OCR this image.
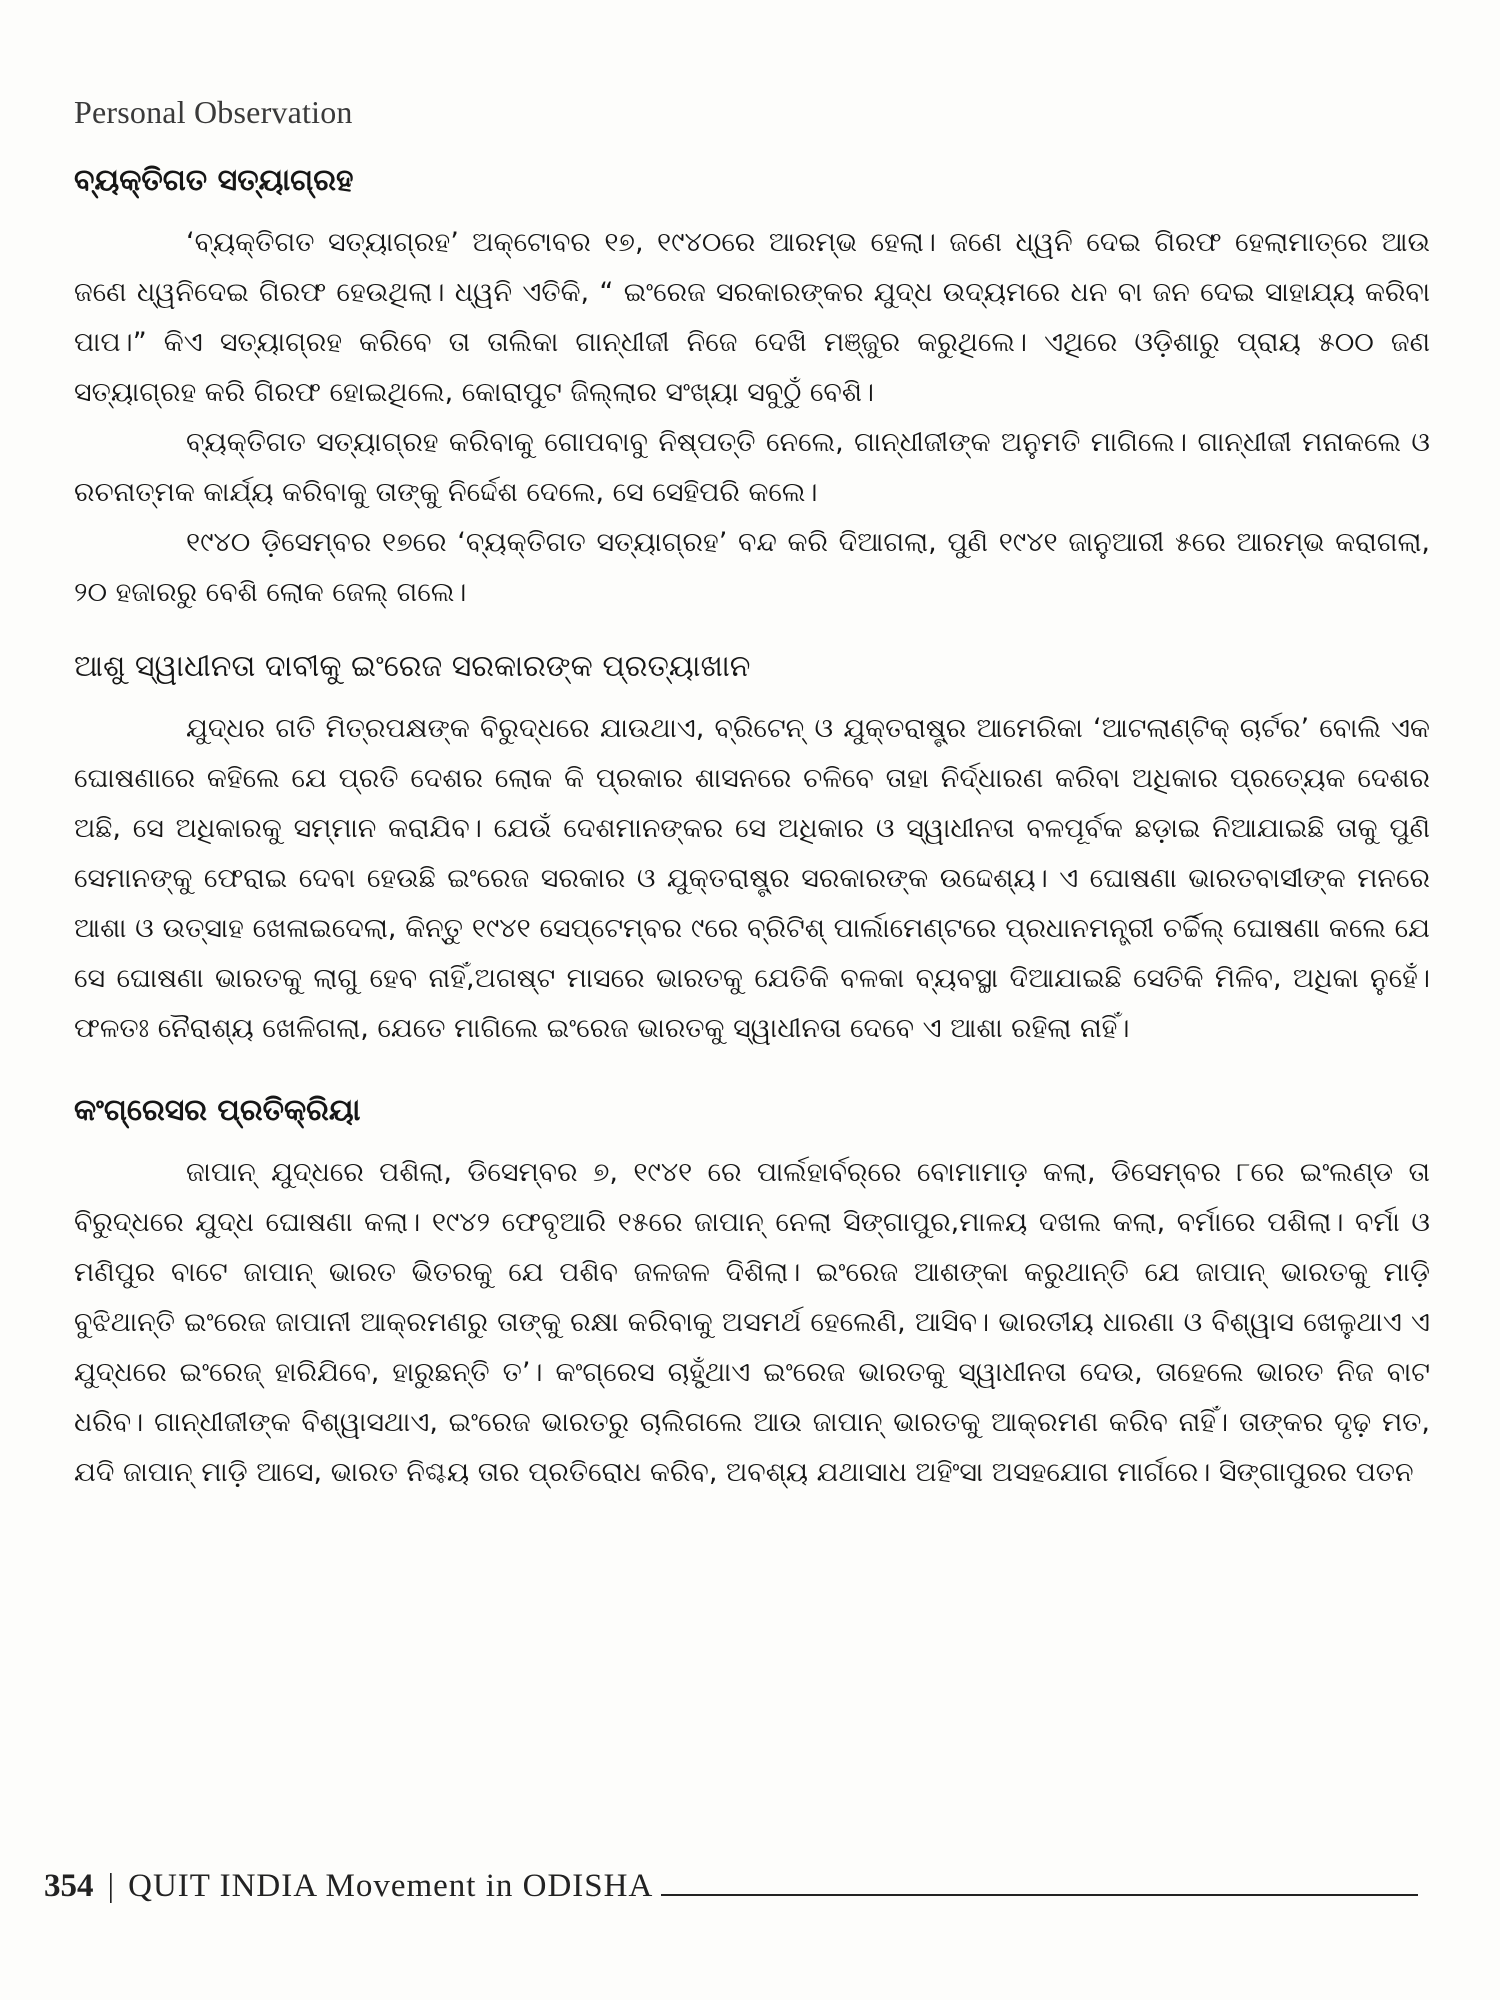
Personal Observation
ବ୍ୟକ୍ତିଗତ ସତ୍ୟାଗ୍ରହ

‘ବ୍ୟକ୍ତିଗତ ସତ୍ୟାଗ୍ରହ’ ଅକ୍ଟୋବର ୧୭, ୧୯୪୦ରେ ଆରମ୍ଭ ହେଲା। ଜଣେ ଧ୍ୱନି ଦେଇ ଗିରଫ ହେଲାମାତ୍ରେ ଆଉ ଜଣେ ଧ୍ୱନିଦେଇ ଗିରଫ ହେଉଥିଲା। ଧ୍ୱନି ଏତିକି, “ ଇଂରେଜ ସରକାରଙ୍କର ଯୁଦ୍ଧ ଉଦ୍ୟମରେ ଧନ ବା ଜନ ଦେଇ ସାହାଯ୍ୟ କରିବା ପାପ।” କିଏ ସତ୍ୟାଗ୍ରହ କରିବେ ତା ତାଲିକା ଗାନ୍ଧୀଜୀ ନିଜେ ଦେଖି ମଞ୍ଜୁର କରୁଥିଲେ। ଏଥିରେ ଓଡ଼ିଶାରୁ ପ୍ରାୟ ୫୦୦ ଜଣ ସତ୍ୟାଗ୍ରହ କରି ଗିରଫ ହୋଇଥିଲେ, କୋରାପୁଟ ଜିଲ୍ଲାର ସଂଖ୍ୟା ସବୁଠୁଁ ବେଶି।

ବ୍ୟକ୍ତିଗତ ସତ୍ୟାଗ୍ରହ କରିବାକୁ ଗୋପବାବୁ ନିଷ୍ପତ୍ତି ନେଲେ, ଗାନ୍ଧୀଜୀଙ୍କ ଅନୁମତି ମାଗିଲେ। ଗାନ୍ଧୀଜୀ ମନାକଲେ ଓ ରଚନାତ୍ମକ କାର୍ଯ୍ୟ କରିବାକୁ ତାଙ୍କୁ ନିର୍ଦ୍ଦେଶ ଦେଲେ, ସେ ସେହିପରି କଲେ।

୧୯୪୦ ଡ଼ିସେମ୍ବର ୧୭ରେ ‘ବ୍ୟକ୍ତିଗତ ସତ୍ୟାଗ୍ରହ’ ବନ୍ଦ କରି ଦିଆଗଲା, ପୁଣି ୧୯୪୧ ଜାନୁଆରୀ ୫ରେ ଆରମ୍ଭ କରାଗଲା, ୨୦ ହଜାରରୁ ବେଶି ଲୋକ ଜେଲ୍ ଗଲେ।

ଆଶୁ ସ୍ୱାଧୀନତା ଦାବୀକୁ ଇଂରେଜ ସରକାରଙ୍କ ପ୍ରତ୍ୟାଖାନ

ଯୁଦ୍ଧର ଗତି ମିତ୍ରପକ୍ଷଙ୍କ ବିରୁଦ୍ଧରେ ଯାଉଥାଏ, ବ୍ରିଟେନ୍ ଓ ଯୁକ୍ତରାଷ୍ଟ୍ର ଆମେରିକା ‘ଆଟଲାଣ୍ଟିକ୍ ଚାର୍ଟର’ ବୋଲି ଏକ ଘୋଷଣାରେ କହିଲେ ଯେ ପ୍ରତି ଦେଶର ଲୋକ କି ପ୍ରକାର ଶାସନରେ ଚଳିବେ ତାହା ନିର୍ଦ୍ଧାରଣ କରିବା ଅଧିକାର ପ୍ରତ୍ୟେକ ଦେଶର ଅଛି, ସେ ଅଧିକାରକୁ ସମ୍ମାନ କରାଯିବ। ଯେଉଁ ଦେଶମାନଙ୍କର ସେ ଅଧିକାର ଓ ସ୍ୱାଧୀନତା ବଳପୂର୍ବକ ଛଡ଼ାଇ ନିଆଯାଇଛି ତାକୁ ପୁଣି ସେମାନଙ୍କୁ ଫେରାଇ ଦେବା ହେଉଛି ଇଂରେଜ ସରକାର ଓ ଯୁକ୍ତରାଷ୍ଟ୍ର ସରକାରଙ୍କ ଉଦ୍ଦେଶ୍ୟ। ଏ ଘୋଷଣା ଭାରତବାସୀଙ୍କ ମନରେ ଆଶା ଓ ଉତ୍ସାହ ଖେଳାଇଦେଲା, କିନ୍ତୁ ୧୯୪୧ ସେପ୍ଟେମ୍ବର ୯ରେ ବ୍ରିଟିଶ୍ ପାର୍ଲାମେଣ୍ଟରେ ପ୍ରଧାନମନ୍ତ୍ରୀ ଚର୍ଚ୍ଚିଲ୍ ଘୋଷଣା କଲେ ଯେ ସେ ଘୋଷଣା ଭାରତକୁ ଲାଗୁ ହେବ ନାହିଁ,ଅଗଷ୍ଟ ମାସରେ ଭାରତକୁ ଯେତିକି ବଳକା ବ୍ୟବସ୍ଥା ଦିଆଯାଇଛି ସେତିକି ମିଳିବ, ଅଧିକା ନୁହେଁ। ଫଳତଃ ନୈରାଶ୍ୟ ଖେଳିଗଲା, ଯେତେ ମାଗିଲେ ଇଂରେଜ ଭାରତକୁ ସ୍ୱାଧୀନତା ଦେବେ ଏ ଆଶା ରହିଲା ନାହିଁ।

କଂଗ୍ରେସର ପ୍ରତିକ୍ରିୟା

ଜାପାନ୍ ଯୁଦ୍ଧରେ ପଶିଲା, ଡିସେମ୍ବର ୭, ୧୯୪୧ ରେ ପାର୍ଲହାର୍ବର୍‌ରେ ବୋମାମାଡ଼ କଲା, ଡିସେମ୍ବର ୮ରେ ଇଂଲଣ୍ଡ ତା ବିରୁଦ୍ଧରେ ଯୁଦ୍ଧ ଘୋଷଣା କଲା। ୧୯୪୨ ଫେବୃଆରି ୧୫ରେ ଜାପାନ୍ ନେଲା ସିଙ୍ଗାପୁର,ମାଳୟ ଦଖଲ କଲା, ବର୍ମାରେ ପଶିଲା। ବର୍ମା ଓ ମଣିପୁର ବାଟେ ଜାପାନ୍ ଭାରତ ଭିତରକୁ ଯେ ପଶିବ ଜଳଜଳ ଦିଶିଲା। ଇଂରେଜ ଆଶଙ୍କା କରୁଥାନ୍ତି ଯେ ଜାପାନ୍ ଭାରତକୁ ମାଡ଼ି ବୁଝିଥାନ୍ତି ଇଂରେଜ ଜାପାନୀ ଆକ୍ରମଣରୁ ତାଙ୍କୁ ରକ୍ଷା କରିବାକୁ ଅସମର୍ଥ ହେଲେଣି, ଆସିବ। ଭାରତୀୟ ଧାରଣା ଓ ବିଶ୍ୱାସ ଖେଳୁଥାଏ ଏ ଯୁଦ୍ଧରେ ଇଂରେଜ୍ ହାରିଯିବେ, ହାରୁଛନ୍ତି ତ’। କଂଗ୍ରେସ ଚାହୁଁଥାଏ ଇଂରେଜ ଭାରତକୁ ସ୍ୱାଧୀନତା ଦେଉ, ତାହେଲେ ଭାରତ ନିଜ ବାଟ ଧରିବ। ଗାନ୍ଧୀଜୀଙ୍କ ବିଶ୍ୱାସଥାଏ, ଇଂରେଜ ଭାରତରୁ ଚାଲିଗଲେ ଆଉ ଜାପାନ୍ ଭାରତକୁ ଆକ୍ରମଣ କରିବ ନାହିଁ। ତାଙ୍କର ଦୃଢ଼ ମତ, ଯଦି ଜାପାନ୍ ମାଡ଼ି ଆସେ, ଭାରତ ନିଶ୍ଚୟ ତାର ପ୍ରତିରୋଧ କରିବ, ଅବଶ୍ୟ ଯଥାସାଧ ଅହିଂସା ଅସହଯୋଗ ମାର୍ଗରେ। ସିଙ୍ଗାପୁରର ପତନ

354 | QUIT INDIA Movement in ODISHA
